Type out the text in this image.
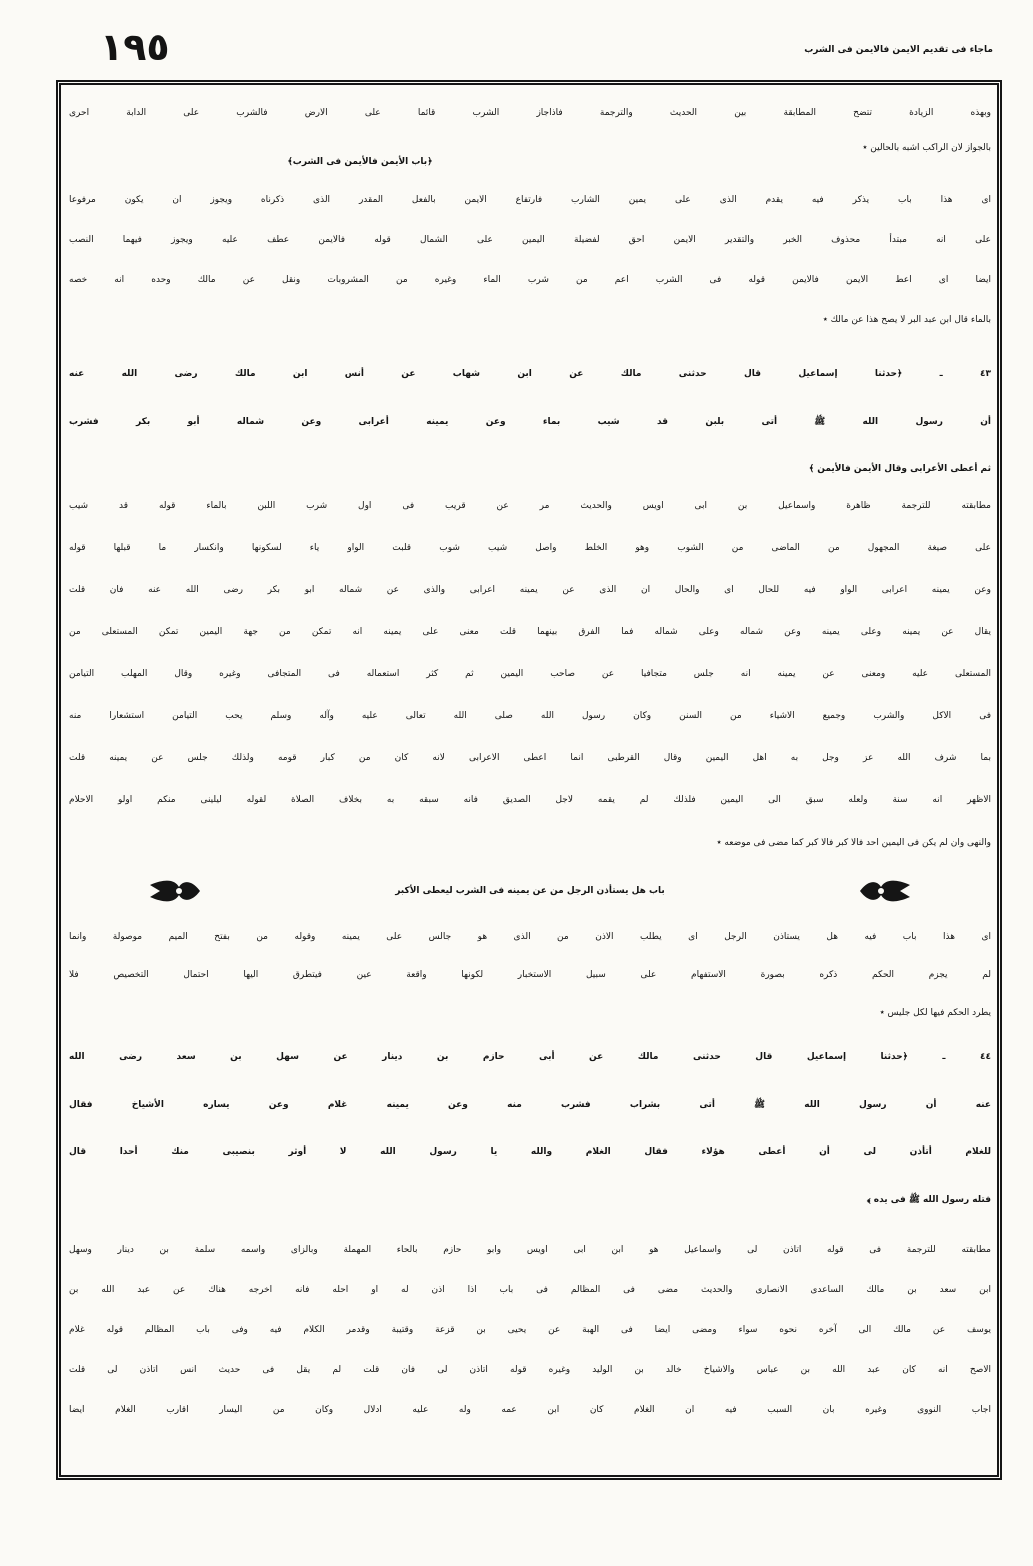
١٩٥	ماجاء فى تقديم الايمن فالايمن فى الشرب
وبهذه الزيادة تتضح المطابقة بين الحديث والترجمة فاذاجاز الشرب قائما على الارض فالشرب على الدابة احرى
بالجواز لان الراكب اشبه بالحالين ٭
﴿باب الأيمن فالأيمن فى الشرب﴾
اى هذا باب يذكر فيه يقدم الذى على يمين الشارب فارتفاع الايمن بالفعل المقدر الذى ذكرناه ويجوز ان يكون مرفوعا
على انه مبتدأ محذوف الخبر والتقدير الايمن احق لفضيلة اليمين على الشمال قوله فالايمن عطف عليه ويجوز فيهما النصب
ايضا اى اعط الايمن فالايمن قوله فى الشرب اعم من شرب الماء وغيره من المشروبات ونقل عن مالك وحده انه خصه
بالماء قال ابن عبد البر لا يصح هذا عن مالك ٭
٤٣ ـ ﴿حدثنا إسماعيل قال حدثنى مالك عن ابن شهاب عن أنس ابن مالك رضى الله عنه
أن رسول الله ﷺ أتى بلبن قد شيب بماء وعن يمينه أعرابى وعن شماله أبو بكر فشرب
ثم أعطى الأعرابى وقال الأيمن فالأيمن ﴾
مطابقته للترجمة ظاهرة واسماعيل بن ابى اويس والحديث مر عن قريب فى اول شرب اللبن بالماء قوله قد شيب
على صيغة المجهول من الماضى من الشوب وهو الخلط واصل شيب شوب قلبت الواو ياء لسكونها وانكسار ما قبلها قوله
وعن يمينه اعرابى الواو فيه للحال اى والحال ان الذى عن يمينه اعرابى والذى عن شماله ابو بكر رضى الله عنه فان قلت
يقال عن يمينه وعلى يمينه وعن شماله وعلى شماله فما الفرق بينهما قلت معنى على يمينه انه تمكن من جهة اليمين تمكن المستعلى من
المستعلى عليه ومعنى عن يمينه انه جلس متجافيا عن صاحب اليمين ثم كثر استعماله فى المتجافى وغيره وقال المهلب التيامن
فى الاكل والشرب وجميع الاشياء من السنن وكان رسول الله صلى الله تعالى عليه وآله وسلم يحب التيامن استشعارا منه
بما شرف الله عز وجل به اهل اليمين وقال القرطبى انما اعطى الاعرابى لانه كان من كبار قومه ولذلك جلس عن يمينه قلت
الاظهر انه سنة ولعله سبق الى اليمين فلذلك لم يقمه لاجل الصديق فانه سبقه به بخلاف الصلاة لقوله ليلينى منكم اولو الاحلام
والنهى وان لم يكن فى اليمين احد فالا كبر فالا كبر كما مضى فى موضعه ٭
باب هل يستأذن الرجل من عن يمينه فى الشرب ليعطى الأكبر
اى هذا باب فيه هل يستاذن الرجل اى يطلب الاذن من الذى هو جالس على يمينه وقوله من بفتح الميم موصولة وانما
لم يجزم الحكم ذكره بصورة الاستفهام على سبيل الاستخبار لكونها واقعة عين فيتطرق اليها احتمال التخصيص فلا
يطرد الحكم فيها لكل جليس ٭
٤٤ ـ ﴿حدثنا إسماعيل قال حدثنى مالك عن أبى حازم بن دينار عن سهل بن سعد رضى الله
عنه أن رسول الله ﷺ أتى بشراب فشرب منه وعن يمينه غلام وعن يساره الأشياخ فقال
للغلام أتأذن لى أن أعطى هؤلاء فقال الغلام والله يا رسول الله لا أوثر بنصيبى منك أحدا قال
فتله رسول الله ﷺ فى يده ﴾
مطابقته للترجمة فى قوله اتاذن لى واسماعيل هو ابن ابى اويس وابو حازم بالحاء المهملة وبالزاى واسمه سلمة بن دينار وسهل
ابن سعد بن مالك الساعدى الانصارى والحديث مضى فى المظالم فى باب اذا اذن له او احله فانه اخرجه هناك عن عبد الله بن
يوسف عن مالك الى آخره نحوه سواء ومضى ايضا فى الهبة عن يحيى بن قزعة وقتيبة وقدمر الكلام فيه وفى باب المظالم قوله غلام
الاصح انه كان عبد الله بن عباس والاشياخ خالد بن الوليد وغيره قوله اتاذن لى فان قلت لم يقل فى حديث انس اتاذن لى قلت
اجاب النووى وغيره بان السبب فيه ان الغلام كان ابن عمه وله عليه ادلال وكان من اليسار اقارب الغلام ايضا
